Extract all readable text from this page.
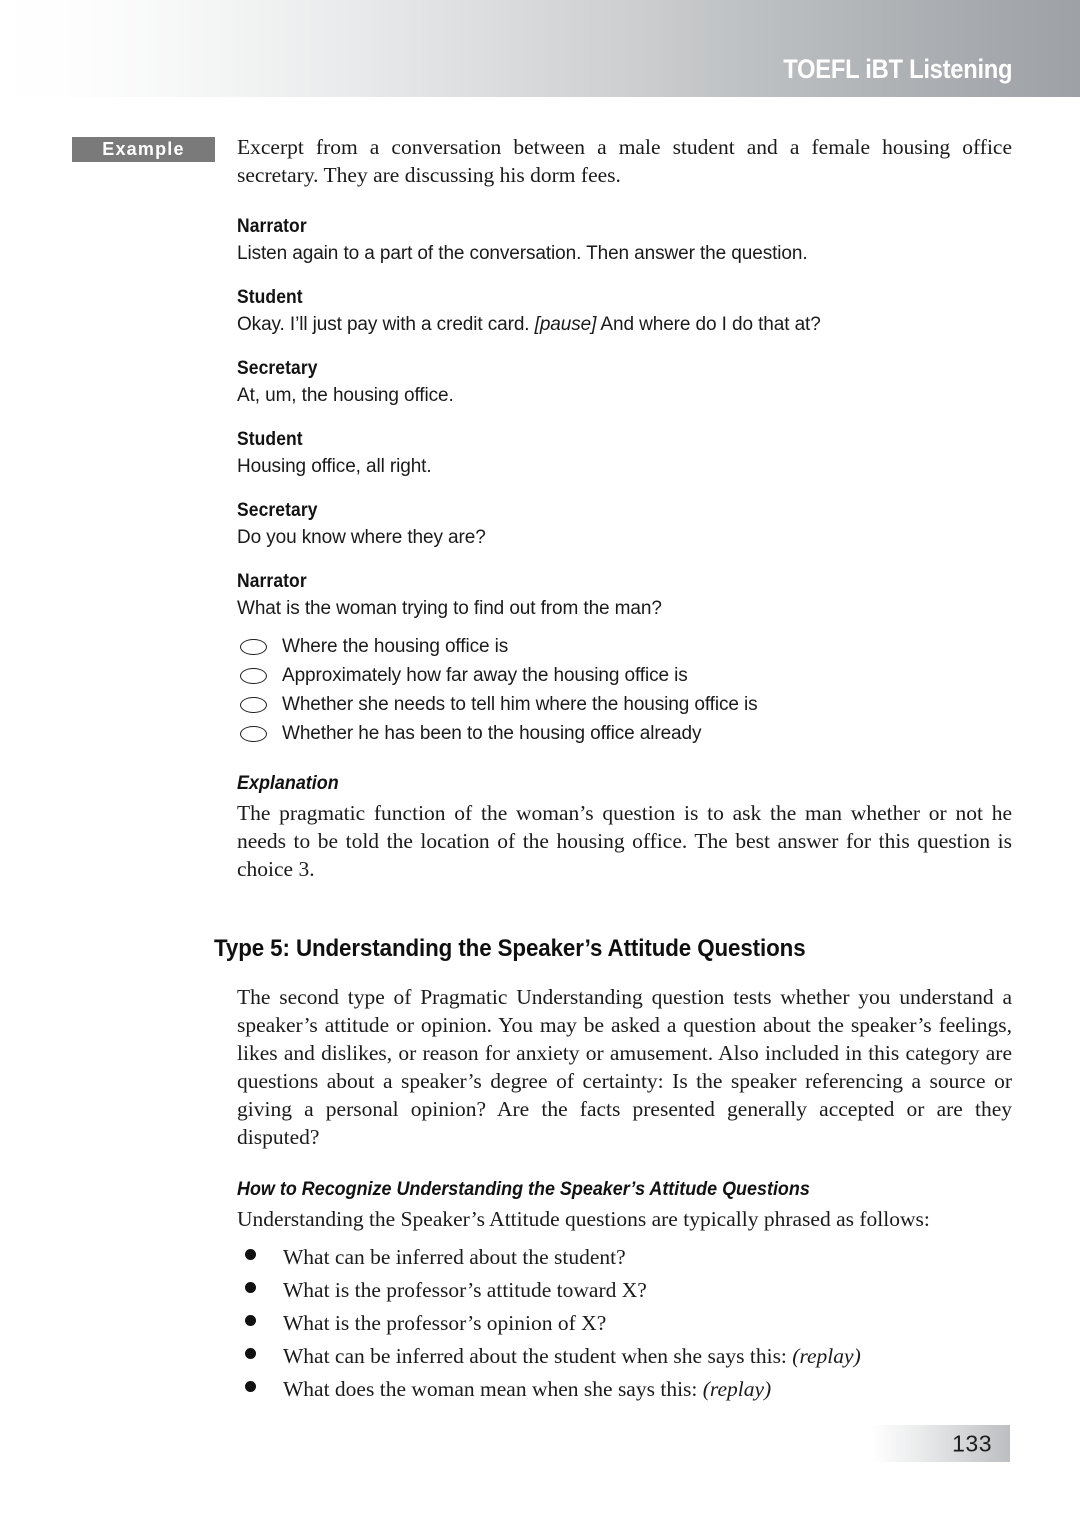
TOEFL iBT Listening
Example	Excerpt from a conversation between a male student and a female housing office secretary. They are discussing his dorm fees.

Narrator

Listen again to a part of the conversation. Then answer the question.

Student

Okay. I’ll just pay with a credit card. [pause] And where do I do that at?

Secretary

At, um, the housing office.

Student

Housing office, all right.

Secretary

Do you know where they are?

Narrator

What is the woman trying to find out from the man?

Where the housing office is
Approximately how far away the housing office is
Whether she needs to tell him where the housing office is
Whether he has been to the housing office already

Explanation

The pragmatic function of the woman’s question is to ask the man whether or not he needs to be told the location of the housing office. The best answer for this question is choice 3.

Type 5: Understanding the Speaker’s Attitude Questions

The second type of Pragmatic Understanding question tests whether you understand a speaker’s attitude or opinion. You may be asked a question about the speaker’s feelings, likes and dislikes, or reason for anxiety or amusement. Also included in this category are questions about a speaker’s degree of certainty: Is the speaker referencing a source or giving a personal opinion? Are the facts presented generally accepted or are they disputed?

How to Recognize Understanding the Speaker’s Attitude Questions

Understanding the Speaker’s Attitude questions are typically phrased as follows:

What can be inferred about the student?
What is the professor’s attitude toward X?
What is the professor’s opinion of X?
What can be inferred about the student when she says this: (replay)
What does the woman mean when she says this: (replay)
133
